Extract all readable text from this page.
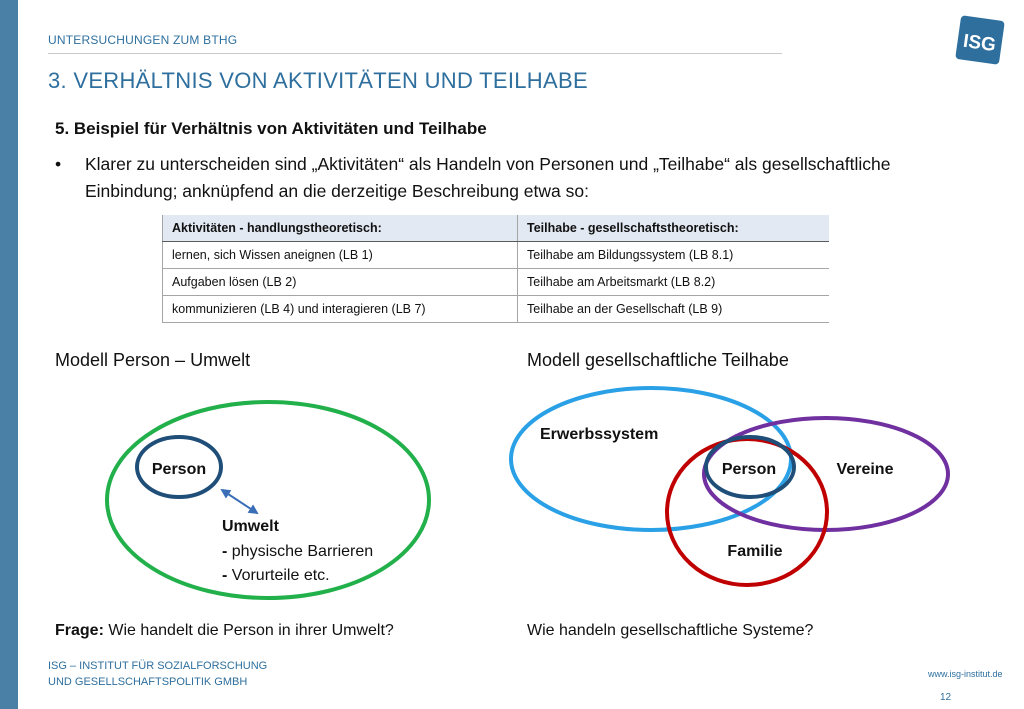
UNTERSUCHUNGEN ZUM BTHG
3. VERHÄLTNIS VON AKTIVITÄTEN UND TEILHABE
ISG
5. Beispiel für Verhältnis von Aktivitäten und Teilhabe
• Klarer zu unterscheiden sind „Aktivitäten“ als Handeln von Personen und „Teilhabe“ als gesellschaftliche Einbindung; anknüpfend an die derzeitige Beschreibung etwa so:
Aktivitäten - handlungstheoretisch:	Teilhabe - gesellschaftstheoretisch:
lernen, sich Wissen aneignen (LB 1)	Teilhabe am Bildungssystem (LB 8.1)
Aufgaben lösen (LB 2)	Teilhabe am Arbeitsmarkt (LB 8.2)
kommunizieren (LB 4) und interagieren (LB 7)	Teilhabe an der Gesellschaft (LB 9)
Modell Person – Umwelt	Modell gesellschaftliche Teilhabe
Person
Umwelt
- physische Barrieren
- Vorurteile etc.
Erwerbssystem
Person	Vereine
Familie
Frage: Wie handelt die Person in ihrer Umwelt?	Wie handeln gesellschaftliche Systeme?
ISG – INSTITUT FÜR SOZIALFORSCHUNG
UND GESELLSCHAFTSPOLITIK GMBH
www.isg-institut.de
12
